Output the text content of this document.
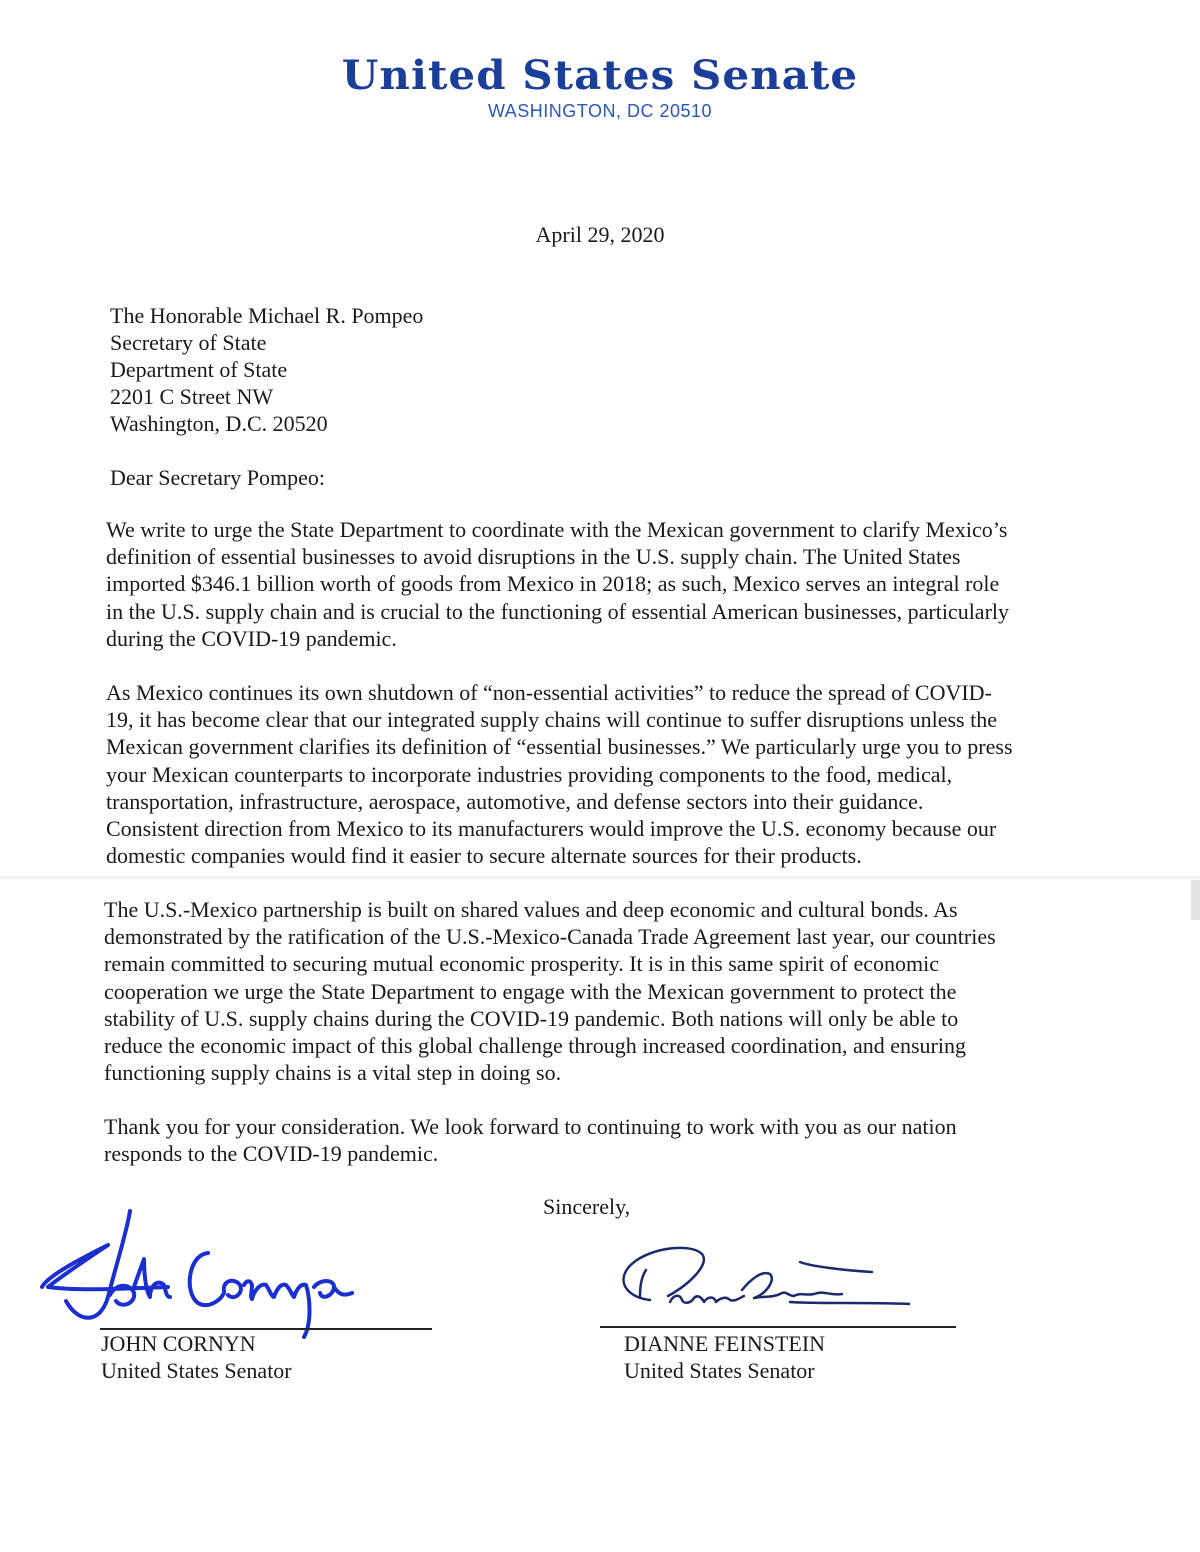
United States Senate
WASHINGTON, DC 20510
April 29, 2020
The Honorable Michael R. Pompeo
Secretary of State
Department of State
2201 C Street NW
Washington, D.C. 20520
Dear Secretary Pompeo:
We write to urge the State Department to coordinate with the Mexican government to clarify Mexico’s
definition of essential businesses to avoid disruptions in the U.S. supply chain. The United States
imported $346.1 billion worth of goods from Mexico in 2018; as such, Mexico serves an integral role
in the U.S. supply chain and is crucial to the functioning of essential American businesses, particularly
during the COVID-19 pandemic.
As Mexico continues its own shutdown of “non-essential activities” to reduce the spread of COVID-
19, it has become clear that our integrated supply chains will continue to suffer disruptions unless the
Mexican government clarifies its definition of “essential businesses.” We particularly urge you to press
your Mexican counterparts to incorporate industries providing components to the food, medical,
transportation, infrastructure, aerospace, automotive, and defense sectors into their guidance.
Consistent direction from Mexico to its manufacturers would improve the U.S. economy because our
domestic companies would find it easier to secure alternate sources for their products.
The U.S.-Mexico partnership is built on shared values and deep economic and cultural bonds. As
demonstrated by the ratification of the U.S.-Mexico-Canada Trade Agreement last year, our countries
remain committed to securing mutual economic prosperity. It is in this same spirit of economic
cooperation we urge the State Department to engage with the Mexican government to protect the
stability of U.S. supply chains during the COVID-19 pandemic. Both nations will only be able to
reduce the economic impact of this global challenge through increased coordination, and ensuring
functioning supply chains is a vital step in doing so.
Thank you for your consideration. We look forward to continuing to work with you as our nation
responds to the COVID-19 pandemic.
Sincerely,
JOHN CORNYN
United States Senator
DIANNE FEINSTEIN
United States Senator
